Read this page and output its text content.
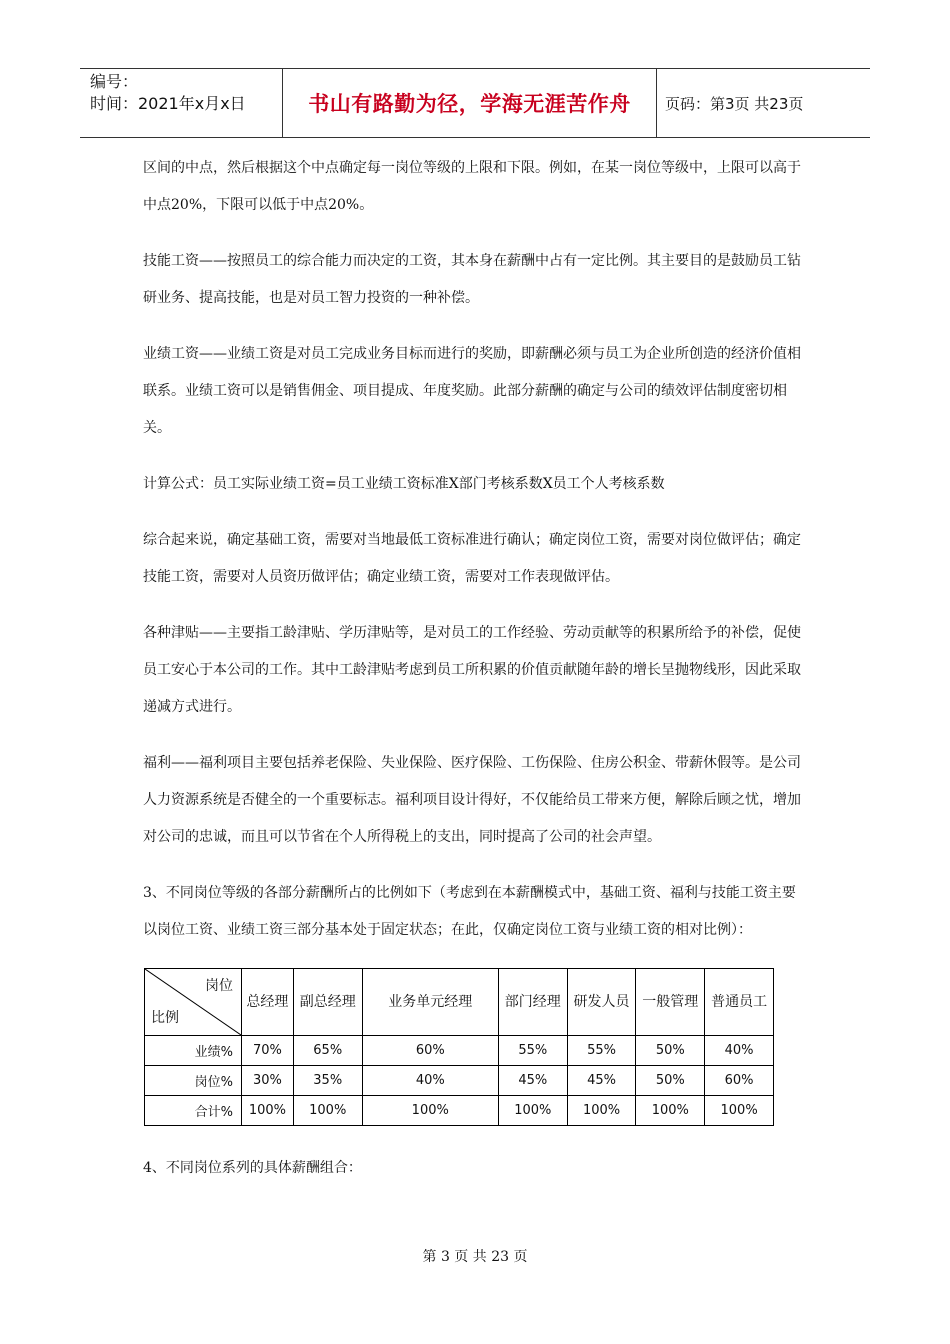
编号：
时间：2021年x月x日	书山有路勤为径，学海无涯苦作舟 页码：第3页 共23页

区间的中点，然后根据这个中点确定每一岗位等级的上限和下限。例如，在某一岗位等级中，上限可以高于中点20%，下限可以低于中点20%。

技能工资——按照员工的综合能力而决定的工资，其本身在薪酬中占有一定比例。其主要目的是鼓励员工钻研业务、提高技能，也是对员工智力投资的一种补偿。

业绩工资——业绩工资是对员工完成业务目标而进行的奖励，即薪酬必须与员工为企业所创造的经济价值相联系。业绩工资可以是销售佣金、项目提成、年度奖励。此部分薪酬的确定与公司的绩效评估制度密切相关。

计算公式：员工实际业绩工资=员工业绩工资标准X部门考核系数X员工个人考核系数

综合起来说，确定基础工资，需要对当地最低工资标准进行确认；确定岗位工资，需要对岗位做评估；确定技能工资，需要对人员资历做评估；确定业绩工资，需要对工作表现做评估。

各种津贴——主要指工龄津贴、学历津贴等，是对员工的工作经验、劳动贡献等的积累所给予的补偿，促使员工安心于本公司的工作。其中工龄津贴考虑到员工所积累的价值贡献随年龄的增长呈抛物线形，因此采取递减方式进行。

福利——福利项目主要包括养老保险、失业保险、医疗保险、工伤保险、住房公积金、带薪休假等。是公司人力资源系统是否健全的一个重要标志。福利项目设计得好，不仅能给员工带来方便，解除后顾之忧，增加对公司的忠诚，而且可以节省在个人所得税上的支出，同时提高了公司的社会声望。

3、不同岗位等级的各部分薪酬所占的比例如下（考虑到在本薪酬模式中，基础工资、福利与技能工资主要以岗位工资、业绩工资三部分基本处于固定状态；在此，仅确定岗位工资与业绩工资的相对比例）：

岗位
比例	总经理	副总经理	业务单元经理	部门经理	研发人员	一般管理	普通员工
业绩%	70%	65%	60%	55%	55%	50%	40%
岗位%	30%	35%	40%	45%	45%	50%	60%
合计%	100%	100%	100%	100%	100%	100%	100%

4、不同岗位系列的具体薪酬组合：

第 3 页 共 23 页
